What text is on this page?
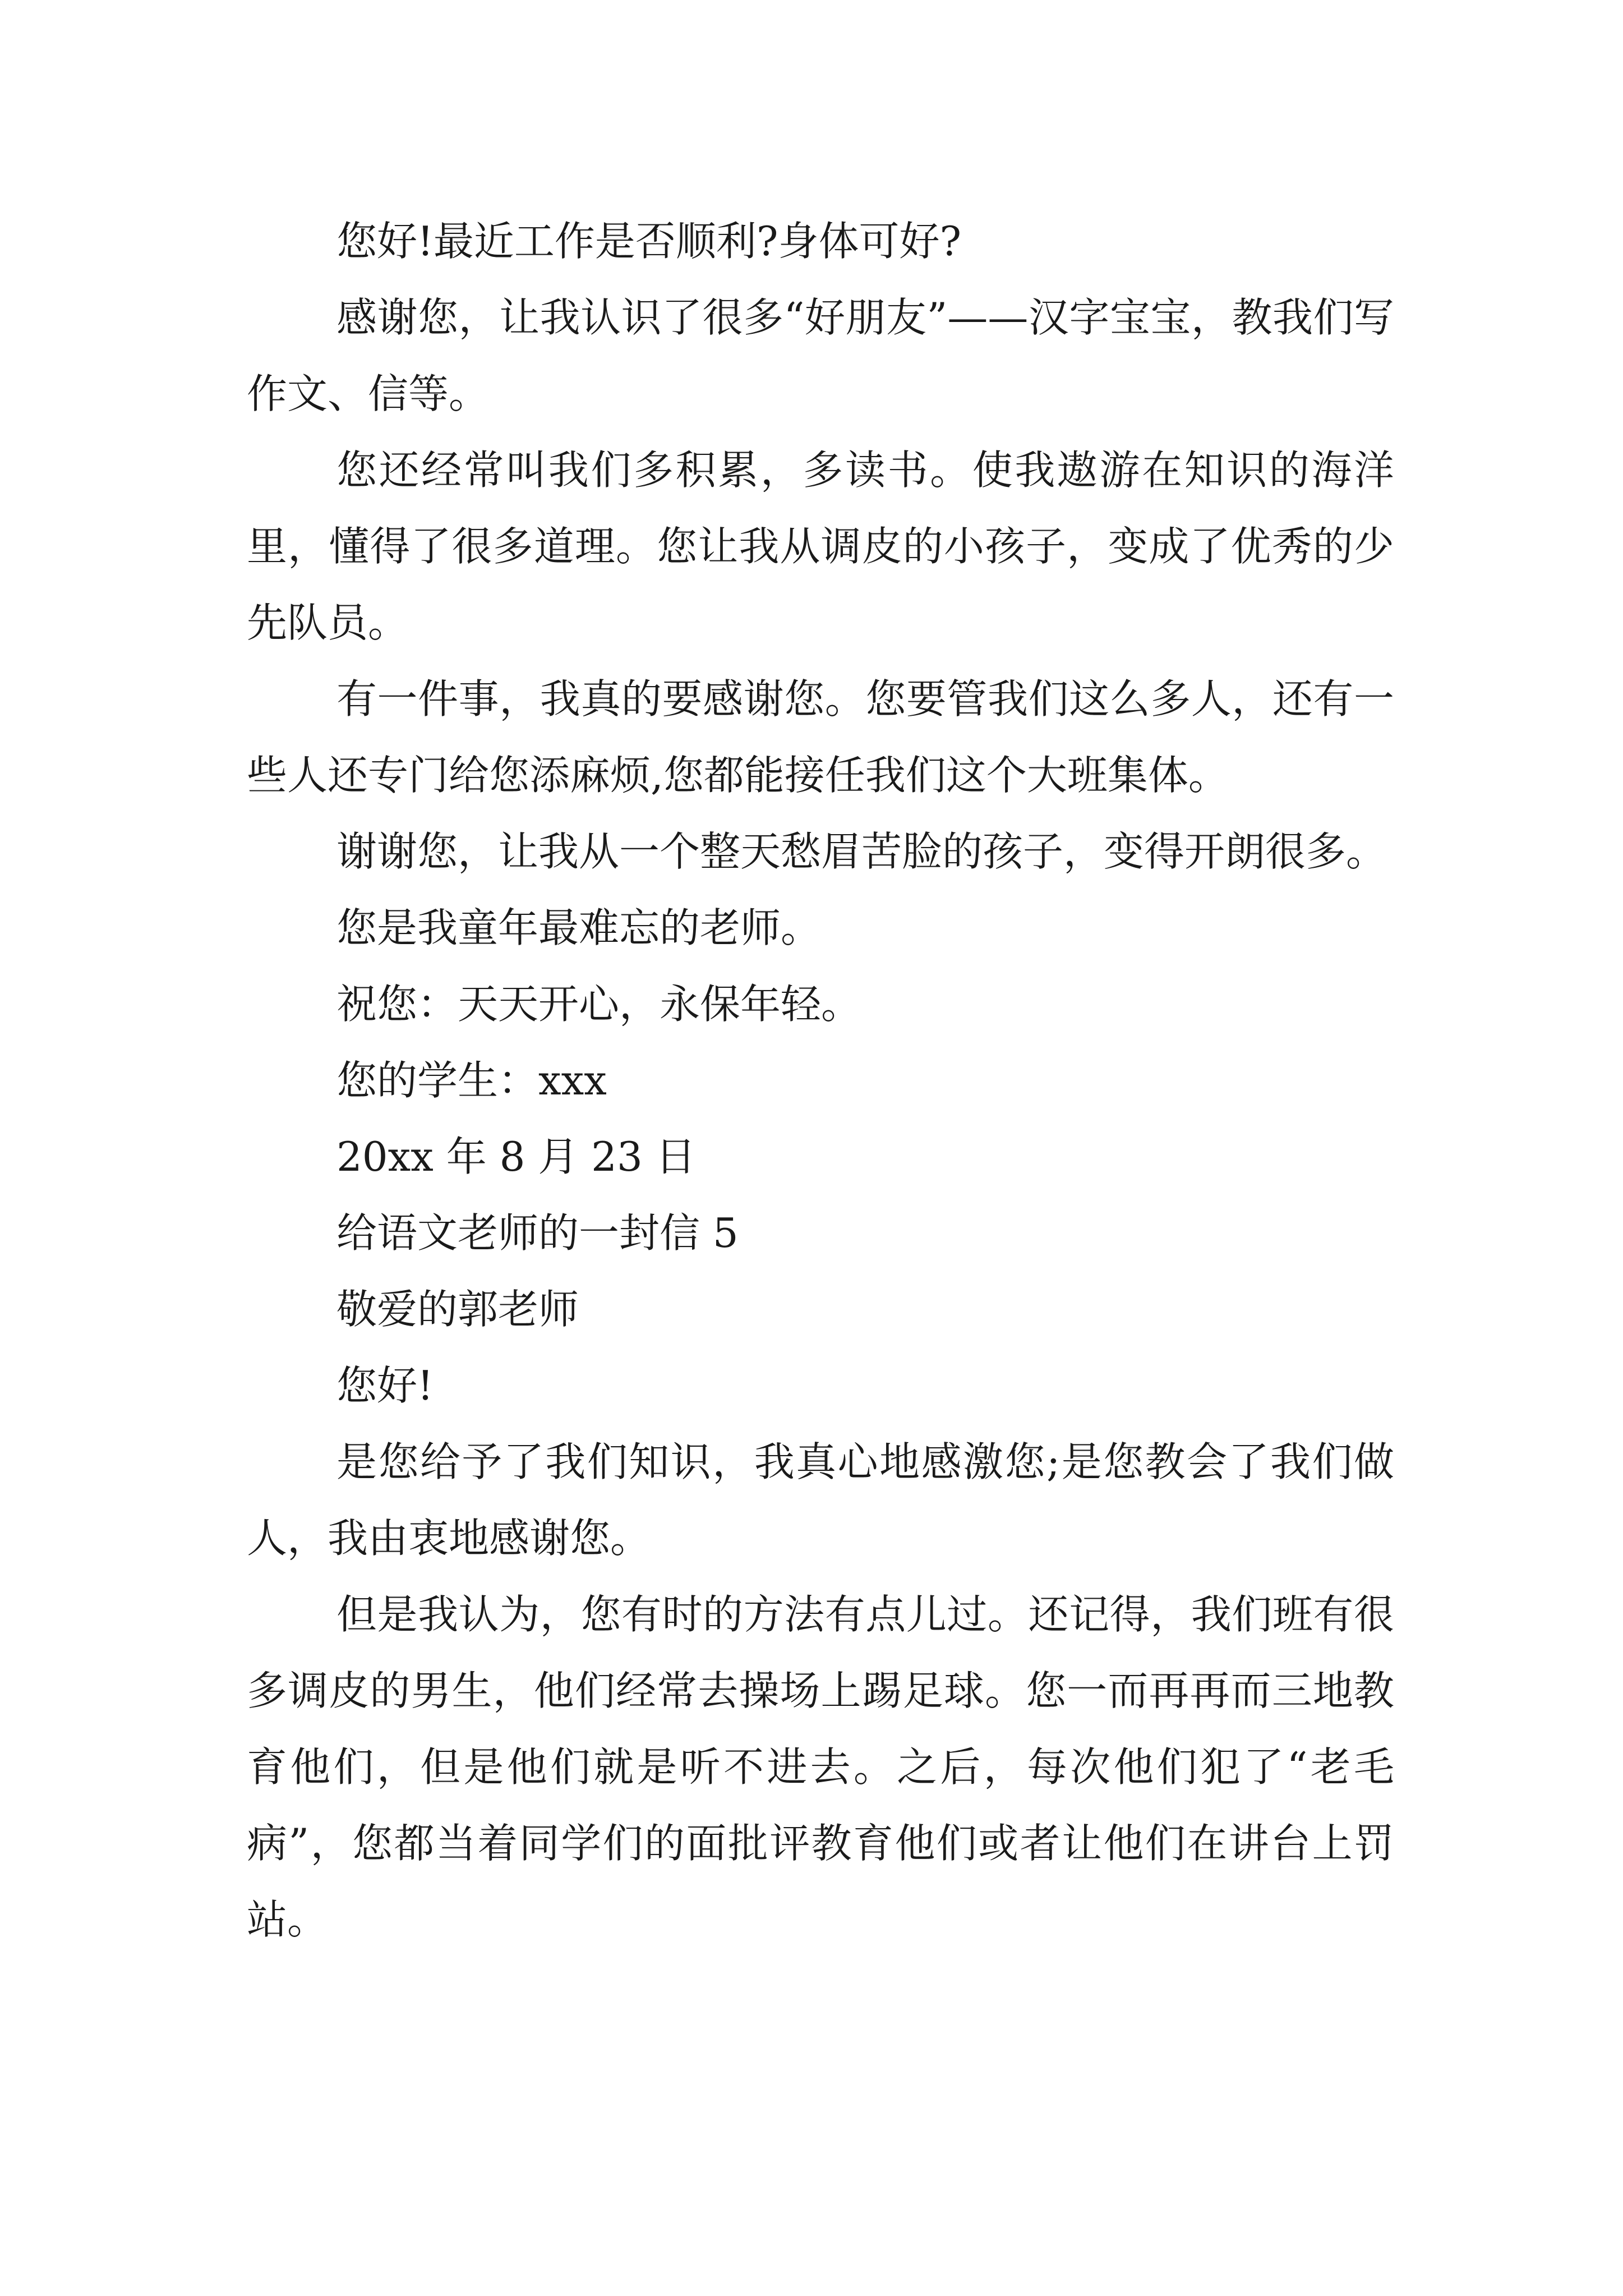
您好!最近工作是否顺利?身体可好?

感谢您，让我认识了很多“好朋友”——汉字宝宝，教我们写作文、信等。

您还经常叫我们多积累，多读书。使我遨游在知识的海洋里，懂得了很多道理。您让我从调皮的小孩子，变成了优秀的少先队员。

有一件事，我真的要感谢您。您要管我们这么多人，还有一些人还专门给您添麻烦,您都能接任我们这个大班集体。

谢谢您，让我从一个整天愁眉苦脸的孩子，变得开朗很多。

您是我童年最难忘的老师。

祝您：天天开心，永保年轻。

您的学生：xxx

20xx 年 8 月 23 日

给语文老师的一封信 5

敬爱的郭老师

您好!

是您给予了我们知识，我真心地感激您;是您教会了我们做人，我由衷地感谢您。

但是我认为，您有时的方法有点儿过。还记得，我们班有很多调皮的男生，他们经常去操场上踢足球。您一而再再而三地教育他们，但是他们就是听不进去。之后，每次他们犯了“老毛病”，您都当着同学们的面批评教育他们或者让他们在讲台上罚站。
